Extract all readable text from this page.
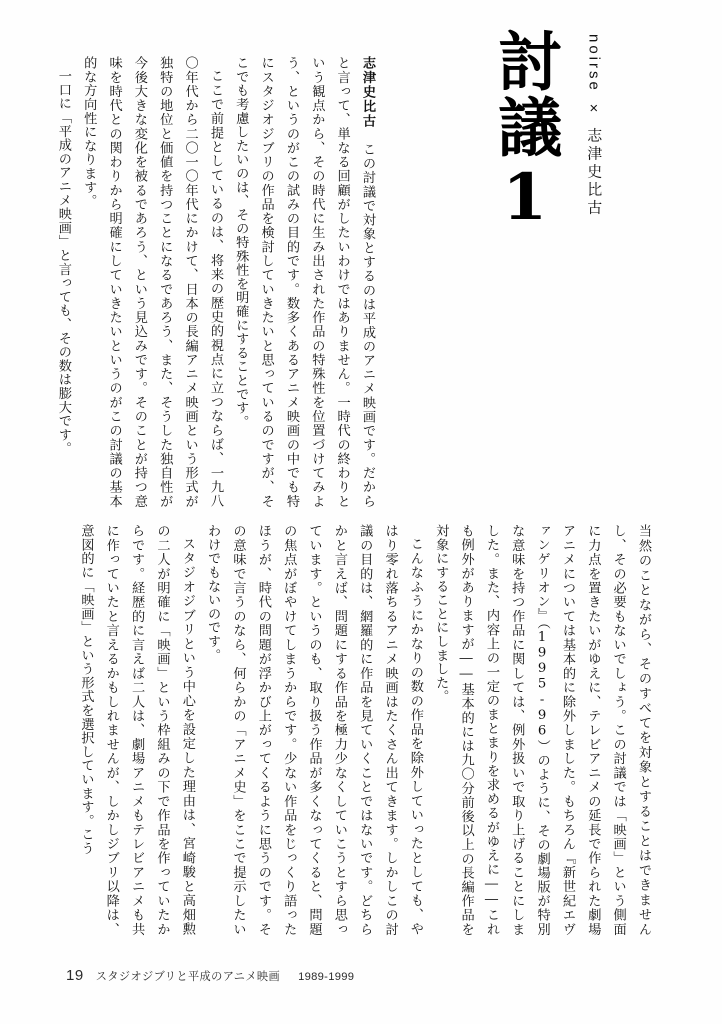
討議1 noirse × 志津史比古

志津史比古　この討議で対象とするのは平成のアニメ映画です。だからと言って、単なる回顧がしたいわけではありません。一時代の終わりという観点から、その時代に生み出された作品の特殊性を位置づけてみよう、というのがこの試みの目的です。数多くあるアニメ映画の中でも特にスタジオジブリの作品を検討していきたいと思っているのですが、そこでも考慮したいのは、その特殊性を明確にすることです。

ここで前提としているのは、将来の歴史的視点に立つならば、一九八〇年代から二〇一〇年代にかけて、日本の長編アニメ映画という形式が独特の地位と価値を持つことになるであろう、また、そうした独自性が今後大きな変化を被るであろう、という見込みです。そのことが持つ意味を時代との関わりから明確にしていきたいというのがこの討議の基本的な方向性になります。

一口に「平成のアニメ映画」と言っても、その数は膨大です。

当然のことながら、そのすべてを対象とすることはできませんし、その必要もないでしょう。この討議では「映画」という側面に力点を置きたいがゆえに、テレビアニメの延長で作られた劇場アニメについては基本的に除外しました。もちろん『新世紀エヴァンゲリオン』（1995-96）のように、その劇場版が特別な意味を持つ作品に関しては、例外扱いで取り上げることにしました。また、内容上の一定のまとまりを求めるがゆえに――これも例外がありますが――基本的には九〇分前後以上の長編作品を対象にすることにしました。

こんなふうにかなりの数の作品を除外していったとしても、やはり零れ落ちるアニメ映画はたくさん出てきます。しかしこの討議の目的は、網羅的に作品を見ていくことではないです。どちらかと言えば、問題にする作品を極力少なくしていこうとすら思っています。というのも、取り扱う作品が多くなってくると、問題の焦点がぼやけてしまうからです。少ない作品をじっくり語ったほうが、時代の問題が浮かび上がってくるように思うのです。その意味で言うのなら、何らかの「アニメ史」をここで提示したいわけでもないのです。

スタジオジブリという中心を設定した理由は、宮崎駿と高畑勲の二人が明確に「映画」という枠組みの下で作品を作っていたからです。経歴的に言えば二人は、劇場アニメもテレビアニメも共に作っていたと言えるかもしれませんが、しかしジブリ以降は、意図的に「映画」という形式を選択しています。こう

19 スタジオジブリと平成のアニメ映画 1989-1999
